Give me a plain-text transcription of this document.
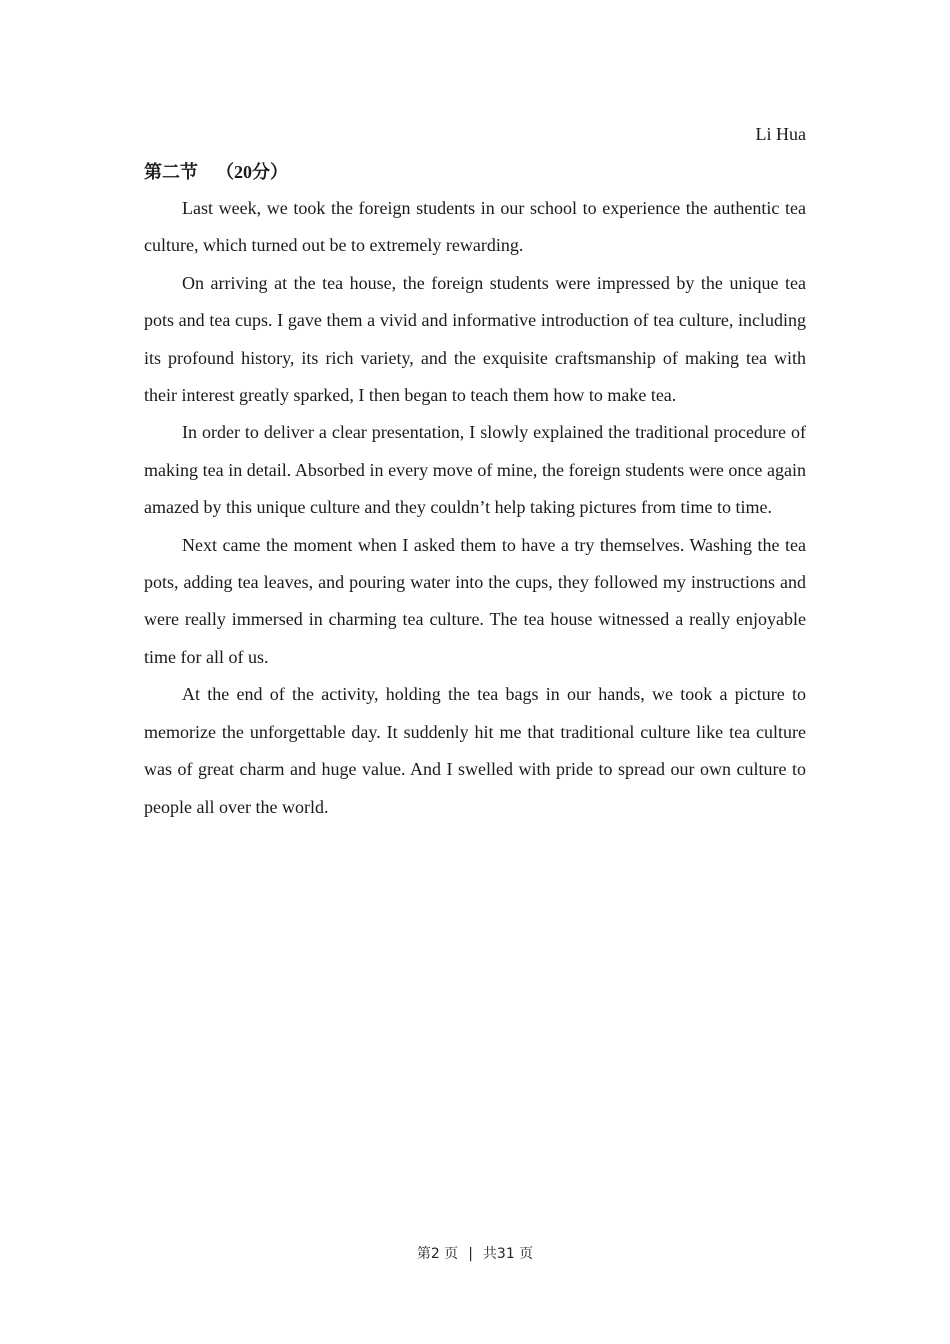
Li Hua
第二节 （20分）

Last week, we took the foreign students in our school to experience the authentic tea culture, which turned out be to extremely rewarding.

On arriving at the tea house, the foreign students were impressed by the unique tea pots and tea cups. I gave them a vivid and informative introduction of tea culture, including its profound history, its rich variety, and the exquisite craftsmanship of making tea with their interest greatly sparked, I then began to teach them how to make tea.

In order to deliver a clear presentation, I slowly explained the traditional procedure of making tea in detail. Absorbed in every move of mine, the foreign students were once again amazed by this unique culture and they couldn’t help taking pictures from time to time.

Next came the moment when I asked them to have a try themselves. Washing the tea pots, adding tea leaves, and pouring water into the cups, they followed my instructions and were really immersed in charming tea culture. The tea house witnessed a really enjoyable time for all of us.

At the end of the activity, holding the tea bags in our hands, we took a picture to memorize the unforgettable day. It suddenly hit me that traditional culture like tea culture was of great charm and huge value. And I swelled with pride to spread our own culture to people all over the world.

第2 页 | 共31 页
